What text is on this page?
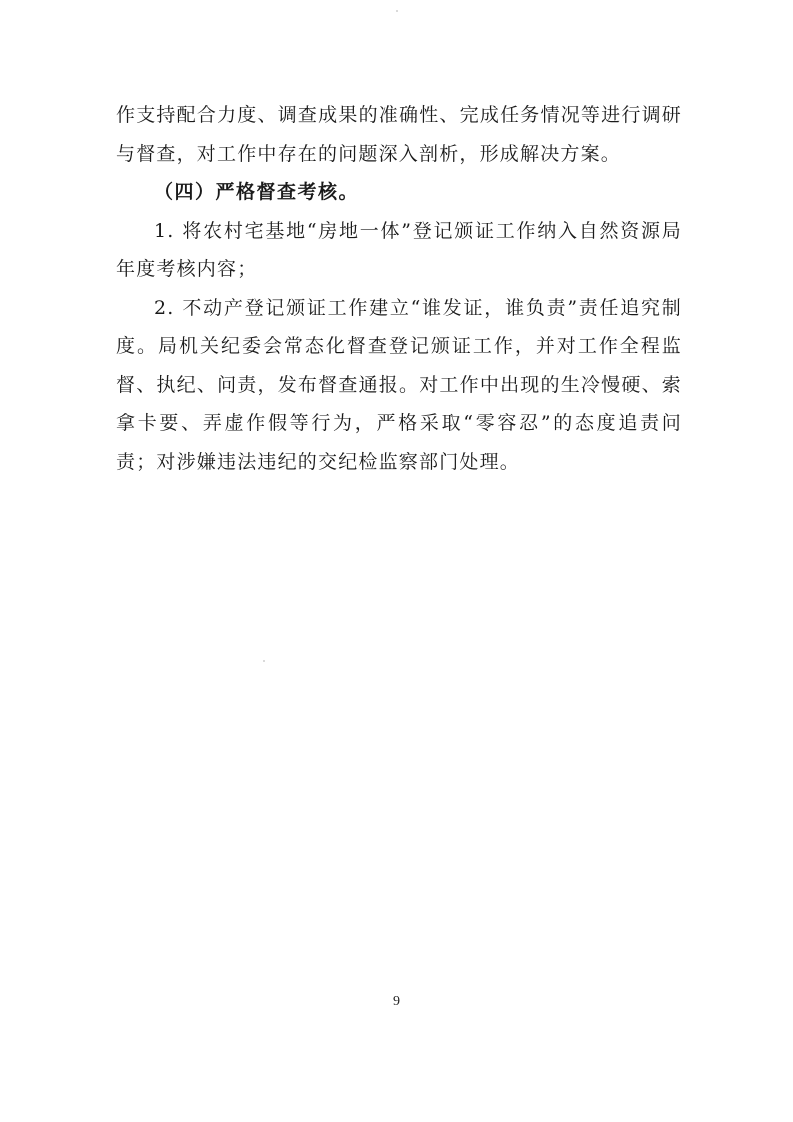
作支持配合力度、调查成果的准确性、完成任务情况等进行调研与督查，对工作中存在的问题深入剖析，形成解决方案。

（四）严格督查考核。

1. 将农村宅基地“房地一体”登记颁证工作纳入自然资源局年度考核内容；

2. 不动产登记颁证工作建立“谁发证，谁负责”责任追究制度。局机关纪委会常态化督查登记颁证工作，并对工作全程监督、执纪、问责，发布督查通报。对工作中出现的生冷慢硬、索拿卡要、弄虚作假等行为，严格采取“零容忍”的态度追责问责；对涉嫌违法违纪的交纪检监察部门处理。

9
